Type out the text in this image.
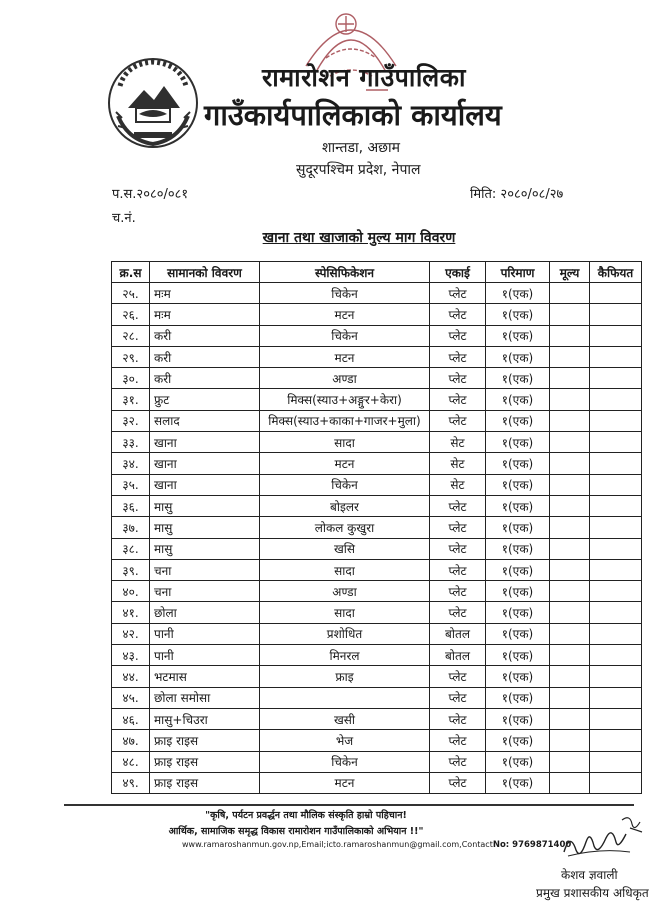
रामारोशन गाउँपालिका
गाउँकार्यपालिकाको कार्यालय
शान्तडा, अछाम
सुदूरपश्चिम प्रदेश, नेपाल
प.स.२०८०/०८१	मिति: २०८०/०८/२७
च.नं.
खाना तथा खाजाको मुल्य माग विवरण
क्र.स	सामानको विवरण	स्पेसिफिकेशन	एकाई	परिमाण	मूल्य	कैफियत
२५.	मःम	चिकेन	प्लेट	१(एक)		
२६.	मःम	मटन	प्लेट	१(एक)		
२८.	करी	चिकेन	प्लेट	१(एक)		
२९.	करी	मटन	प्लेट	१(एक)		
३०.	करी	अण्डा	प्लेट	१(एक)		
३१.	फ्रुट	मिक्स(स्याउ+अङ्गुर+केरा)	प्लेट	१(एक)		
३२.	सलाद	मिक्स(स्याउ+काका+गाजर+मुला)	प्लेट	१(एक)		
३३.	खाना	सादा	सेट	१(एक)		
३४.	खाना	मटन	सेट	१(एक)		
३५.	खाना	चिकेन	सेट	१(एक)		
३६.	मासु	बोइलर	प्लेट	१(एक)		
३७.	मासु	लोकल कुखुरा	प्लेट	१(एक)		
३८.	मासु	खसि	प्लेट	१(एक)		
३९.	चना	सादा	प्लेट	१(एक)		
४०.	चना	अण्डा	प्लेट	१(एक)		
४१.	छोला	सादा	प्लेट	१(एक)		
४२.	पानी	प्रशोधित	बोतल	१(एक)		
४३.	पानी	मिनरल	बोतल	१(एक)		
४४.	भटमास	फ्राइ	प्लेट	१(एक)		
४५.	छोला समोसा		प्लेट	१(एक)		
४६.	मासु+चिउरा	खसी	प्लेट	१(एक)		
४७.	फ्राइ राइस	भेज	प्लेट	१(एक)		
४८.	फ्राइ राइस	चिकेन	प्लेट	१(एक)		
४९.	फ्राइ राइस	मटन	प्लेट	१(एक)		
"कृषि, पर्यटन प्रवर्द्धन तथा मौलिक संस्कृति हाम्रो पहिचान!
आर्थिक, सामाजिक समृद्ध विकास रामारोशन गाउँपालिकाको अभियान !!"
www.ramaroshanmun.gov.np,Email;icto.ramaroshanmun@gmail.com,ContactNo: 9769871400
केशव ज्ञवाली
प्रमुख प्रशासकीय अधिकृत
